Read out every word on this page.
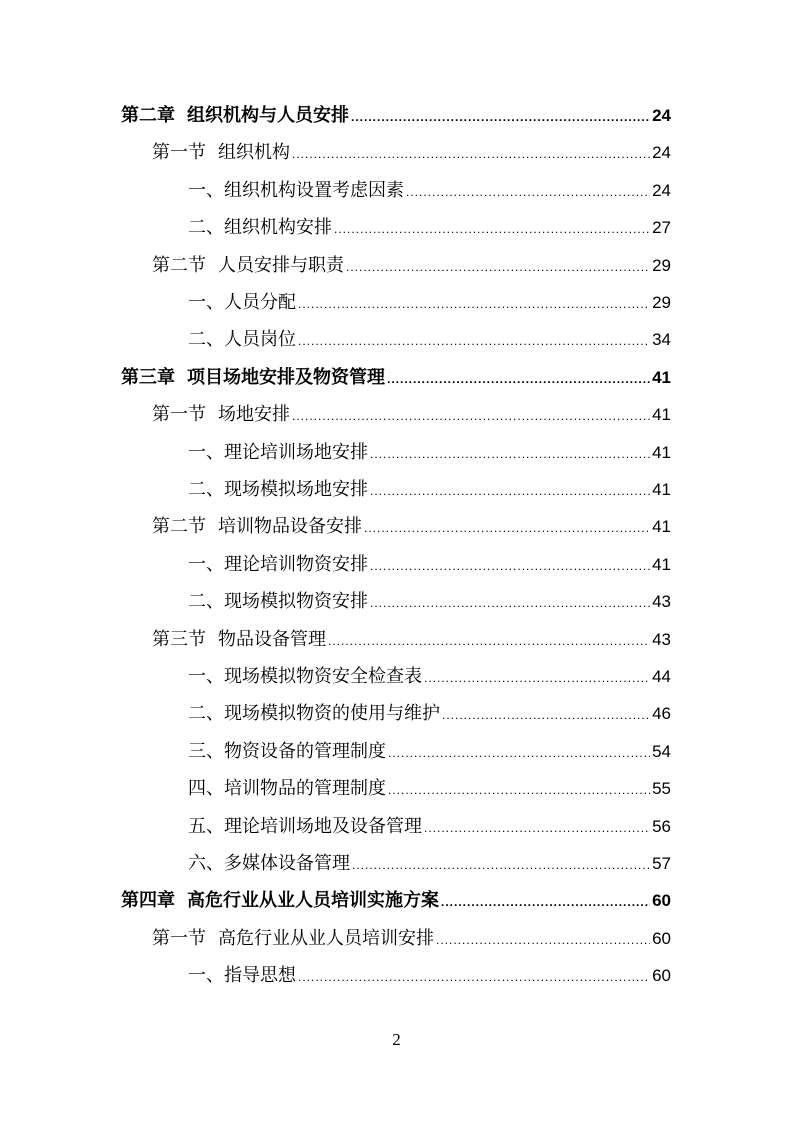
第二章 组织机构与人员安排 .....	24
第一节 组织机构 .....	24
一、组织机构设置考虑因素 .....	24
二、组织机构安排 .....	27
第二节 人员安排与职责 .....	29
一、人员分配 .....	29
二、人员岗位 .....	34
第三章 项目场地安排及物资管理 .....	41
第一节 场地安排 .....	41
一、理论培训场地安排 .....	41
二、现场模拟场地安排 .....	41
第二节 培训物品设备安排 .....	41
一、理论培训物资安排 .....	41
二、现场模拟物资安排 .....	43
第三节 物品设备管理 .....	43
一、现场模拟物资安全检查表 .....	44
二、现场模拟物资的使用与维护 .....	46
三、物资设备的管理制度 .....	54
四、培训物品的管理制度 .....	55
五、理论培训场地及设备管理 .....	56
六、多媒体设备管理 .....	57
第四章 高危行业从业人员培训实施方案 .....	60
第一节 高危行业从业人员培训安排 .....	60
一、指导思想 .....	60
2
